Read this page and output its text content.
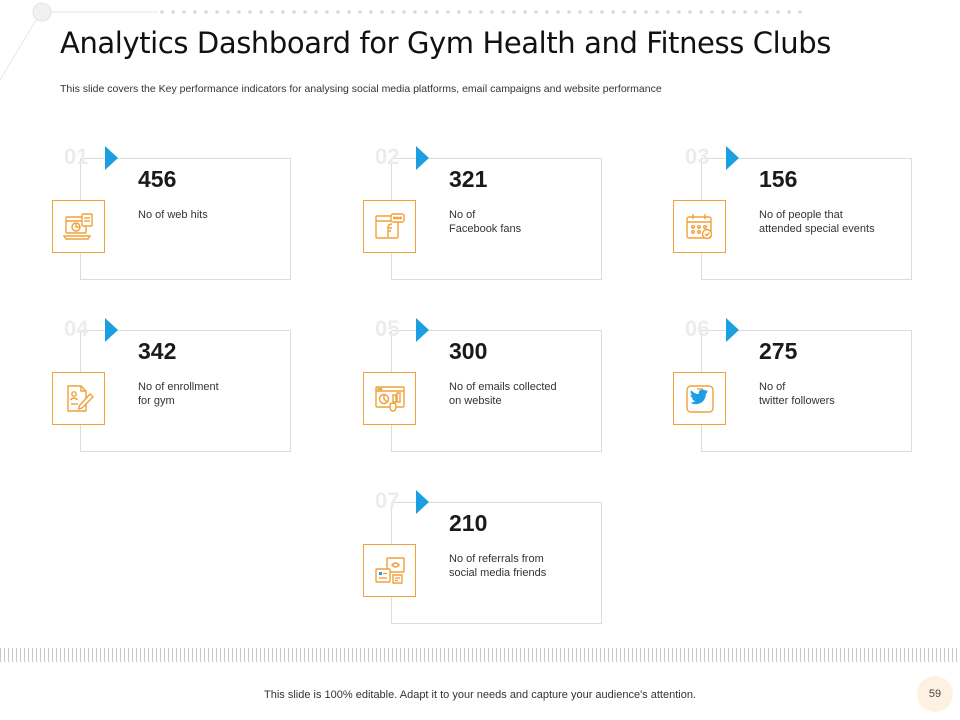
Analytics Dashboard for Gym Health and Fitness Clubs
This slide covers the Key performance indicators for analysing social media platforms, email campaigns and website performance
01
456
No of web hits
02
321
No of
Facebook fans
03
156
No of people that
attended special events
04
342
No of enrollment
for gym
05
300
No of emails collected
on website
06
275
No of
twitter followers
07
210
No of referrals from
social media friends
This slide is 100% editable. Adapt it to your needs and capture your audience's attention.	59
